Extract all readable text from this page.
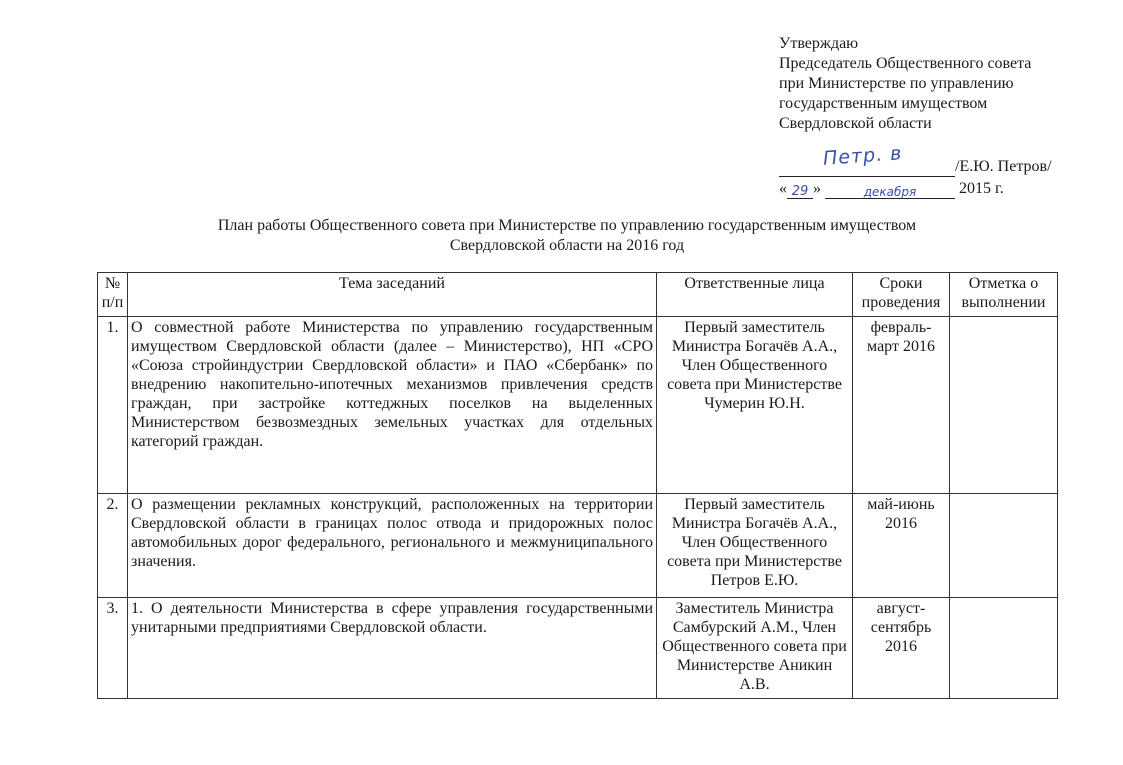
Утверждаю
Председатель Общественного совета
при Министерстве по управлению
государственным имуществом
Свердловской области
Петр. в	/Е.Ю. Петров/
« 29 »	декабря	2015 г.
План работы Общественного совета при Министерстве по управлению государственным имуществом
Свердловской области на 2016 год
№ п/п	Тема заседаний	Ответственные лица	Сроки проведения	Отметка о выполнении
1.	О совместной работе Министерства по управлению государственным имуществом Свердловской области (далее – Министерство), НП «СРО «Союза стройиндустрии Свердловской области» и ПАО «Сбербанк» по внедрению накопительно-ипотечных механизмов привлечения средств граждан, при застройке коттеджных поселков на выделенных Министерством безвозмездных земельных участках для отдельных категорий граждан.	Первый заместитель Министра Богачёв А.А., Член Общественного совета при Министерстве Чумерин Ю.Н.	февраль-март 2016	
2.	О размещении рекламных конструкций, расположенных на территории Свердловской области в границах полос отвода и придорожных полос автомобильных дорог федерального, регионального и межмуниципального значения.	Первый заместитель Министра Богачёв А.А., Член Общественного совета при Министерстве Петров Е.Ю.	май-июнь 2016	
3.	1. О деятельности Министерства в сфере управления государственными унитарными предприятиями Свердловской области.	Заместитель Министра Самбурский А.М., Член Общественного совета при Министерстве Аникин А.В.	август-сентябрь 2016	
